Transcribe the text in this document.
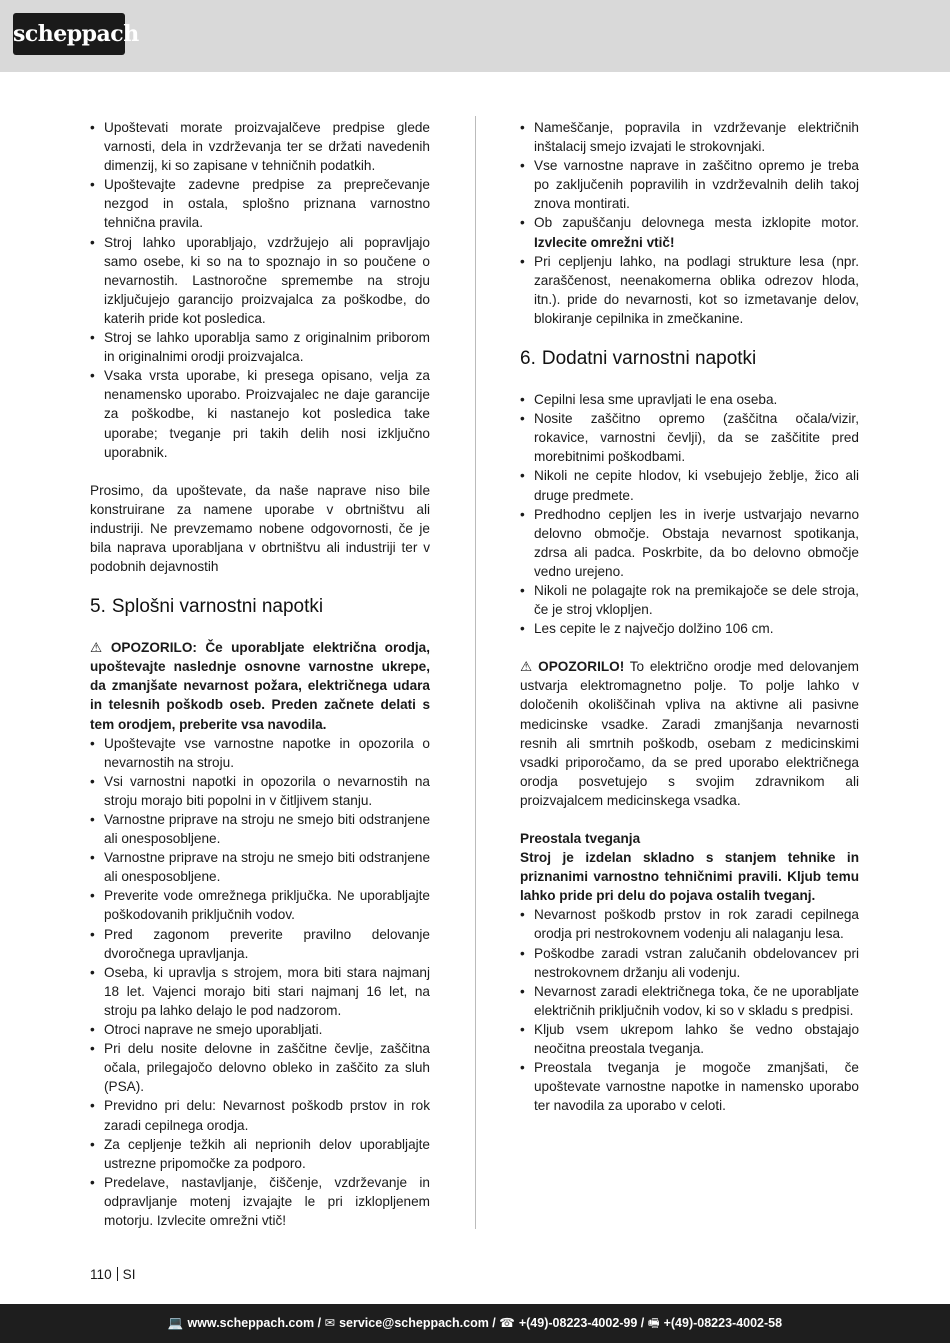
scheppach
• Upoštevati morate proizvajalčeve predpise glede varnosti, dela in vzdrževanja ter se držati navedenih dimenzij, ki so zapisane v tehničnih podatkih.
• Upoštevajte zadevne predpise za preprečevanje nezgod in ostala, splošno priznana varnostno tehnična pravila.
• Stroj lahko uporabljajo, vzdržujejo ali popravljajo samo osebe, ki so na to spoznajo in so poučene o nevarnostih. Lastnoročne spremembe na stroju izključujejo garancijo proizvajalca za poškodbe, do katerih pride kot posledica.
• Stroj se lahko uporablja samo z originalnim priborom in originalnimi orodji proizvajalca.
• Vsaka vrsta uporabe, ki presega opisano, velja za nenamensko uporabo. Proizvajalec ne daje garancije za poškodbe, ki nastanejo kot posledica take uporabe; tveganje pri takih delih nosi izključno uporabnik.

Prosimo, da upoštevate, da naše naprave niso bile konstruirane za namene uporabe v obrtništvu ali industriji. Ne prevzemamo nobene odgovornosti, če je bila naprava uporabljana v obrtništvu ali industriji ter v podobnih dejavnostih

5. Splošni varnostni napotki

⚠ OPOZORILO: Če uporabljate električna orodja, upoštevajte naslednje osnovne varnostne ukrepe, da zmanjšate nevarnost požara, električnega udara in telesnih poškodb oseb. Preden začnete delati s tem orodjem, preberite vsa navodila.

• Upoštevajte vse varnostne napotke in opozorila o nevarnostih na stroju.
• Vsi varnostni napotki in opozorila o nevarnostih na stroju morajo biti popolni in v čitljivem stanju.
• Varnostne priprave na stroju ne smejo biti odstranjene ali onesposobljene.
• Varnostne priprave na stroju ne smejo biti odstranjene ali onesposobljene.
• Preverite vode omrežnega priključka. Ne uporabljajte poškodovanih priključnih vodov.
• Pred zagonom preverite pravilno delovanje dvoročnega upravljanja.
• Oseba, ki upravlja s strojem, mora biti stara najmanj 18 let. Vajenci morajo biti stari najmanj 16 let, na stroju pa lahko delajo le pod nadzorom.
• Otroci naprave ne smejo uporabljati.
• Pri delu nosite delovne in zaščitne čevlje, zaščitna očala, prilegajočo delovno obleko in zaščito za sluh (PSA).
• Previdno pri delu: Nevarnost poškodb prstov in rok zaradi cepilnega orodja.
• Za cepljenje težkih ali neprionih delov uporabljajte ustrezne pripomočke za podporo.
• Predelave, nastavljanje, čiščenje, vzdrževanje in odpravljanje motenj izvajajte le pri izklopljenem motorju. Izvlecite omrežni vtič!
• Nameščanje, popravila in vzdrževanje električnih inštalacij smejo izvajati le strokovnjaki.
• Vse varnostne naprave in zaščitno opremo je treba po zaključenih popravilih in vzdrževalnih delih takoj znova montirati.
• Ob zapuščanju delovnega mesta izklopite motor. Izvlecite omrežni vtič!
• Pri cepljenju lahko, na podlagi strukture lesa (npr. zaraščenost, neenakomerna oblika odrezov hloda, itn.). pride do nevarnosti, kot so izmetavanje delov, blokiranje cepilnika in zmečkanine.
6. Dodatni varnostni napotki
• Cepilni lesa sme upravljati le ena oseba.
• Nosite zaščitno opremo (zaščitna očala/vizir, rokavice, varnostni čevlji), da se zaščitite pred morebitnimi poškodbami.
• Nikoli ne cepite hlodov, ki vsebujejo žeblje, žico ali druge predmete.
• Predhodno cepljen les in iverje ustvarjajo nevarno delovno območje. Obstaja nevarnost spotikanja, zdrsa ali padca. Poskrbite, da bo delovno območje vedno urejeno.
• Nikoli ne polagajte rok na premikajoče se dele stroja, če je stroj vklopljen.
• Les cepite le z največjo dolžino 106 cm.

⚠ OPOZORILO! To električno orodje med delovanjem ustvarja elektromagnetno polje. To polje lahko v določenih okoliščinah vpliva na aktivne ali pasivne medicinske vsadke. Zaradi zmanjšanja nevarnosti resnih ali smrtnih poškodb, osebam z medicinskimi vsadki priporočamo, da se pred uporabo električnega orodja posvetujejo s svojim zdravnikom ali proizvajalcem medicinskega vsadka.

Preostala tveganja

Stroj je izdelan skladno s stanjem tehnike in priznanimi varnostno tehničnimi pravili. Kljub temu lahko pride pri delu do pojava ostalih tveganj.

• Nevarnost poškodb prstov in rok zaradi cepilnega orodja pri nestrokovnem vodenju ali nalaganju lesa.
• Poškodbe zaradi vstran zalučanih obdelovancev pri nestrokovnem držanju ali vodenju.
• Nevarnost zaradi električnega toka, če ne uporabljate električnih priključnih vodov, ki so v skladu s predpisi.
• Kljub vsem ukrepom lahko še vedno obstajajo neočitna preostala tveganja.
• Preostala tveganja je mogoče zmanjšati, če upoštevate varnostne napotke in namensko uporabo ter navodila za uporabo v celoti.
110 SI
💻 www.scheppach.com / ✉ service@scheppach.com / ☎ +(49)-08223-4002-99 / 🖷 +(49)-08223-4002-58
